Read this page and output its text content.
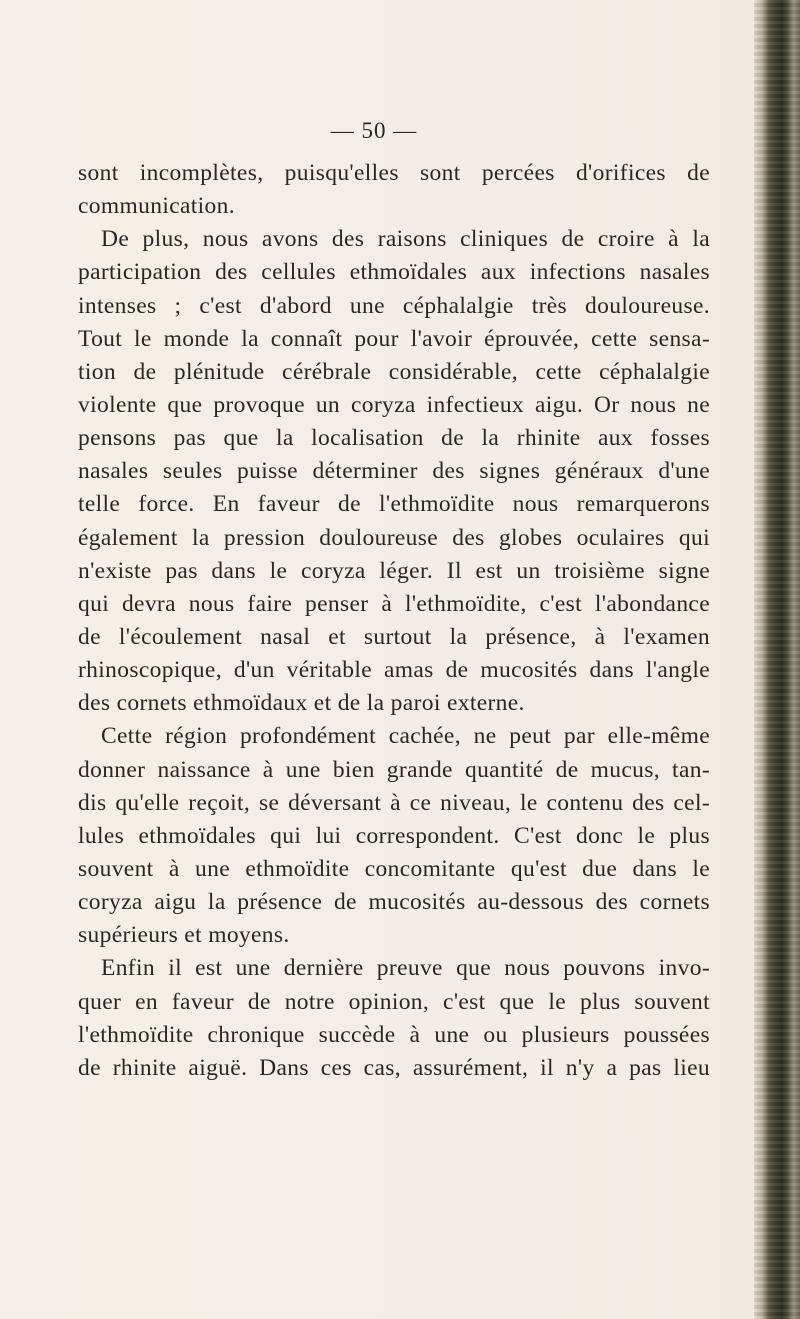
— 50 —
sont incomplètes, puisqu'elles sont percées d'orifices de
communication.
De plus, nous avons des raisons cliniques de croire à la
participation des cellules ethmoïdales aux infections nasales
intenses ; c'est d'abord une céphalalgie très douloureuse.
Tout le monde la connaît pour l'avoir éprouvée, cette sensa-
tion de plénitude cérébrale considérable, cette céphalalgie
violente que provoque un coryza infectieux aigu. Or nous ne
pensons pas que la localisation de la rhinite aux fosses
nasales seules puisse déterminer des signes généraux d'une
telle force. En faveur de l'ethmoïdite nous remarquerons
également la pression douloureuse des globes oculaires qui
n'existe pas dans le coryza léger. Il est un troisième signe
qui devra nous faire penser à l'ethmoïdite, c'est l'abondance
de l'écoulement nasal et surtout la présence, à l'examen
rhinoscopique, d'un véritable amas de mucosités dans l'angle
des cornets ethmoïdaux et de la paroi externe.
Cette région profondément cachée, ne peut par elle-même
donner naissance à une bien grande quantité de mucus, tan-
dis qu'elle reçoit, se déversant à ce niveau, le contenu des cel-
lules ethmoïdales qui lui correspondent. C'est donc le plus
souvent à une ethmoïdite concomitante qu'est due dans le
coryza aigu la présence de mucosités au-dessous des cornets
supérieurs et moyens.
Enfin il est une dernière preuve que nous pouvons invo-
quer en faveur de notre opinion, c'est que le plus souvent
l'ethmoïdite chronique succède à une ou plusieurs poussées
de rhinite aiguë. Dans ces cas, assurément, il n'y a pas lieu
